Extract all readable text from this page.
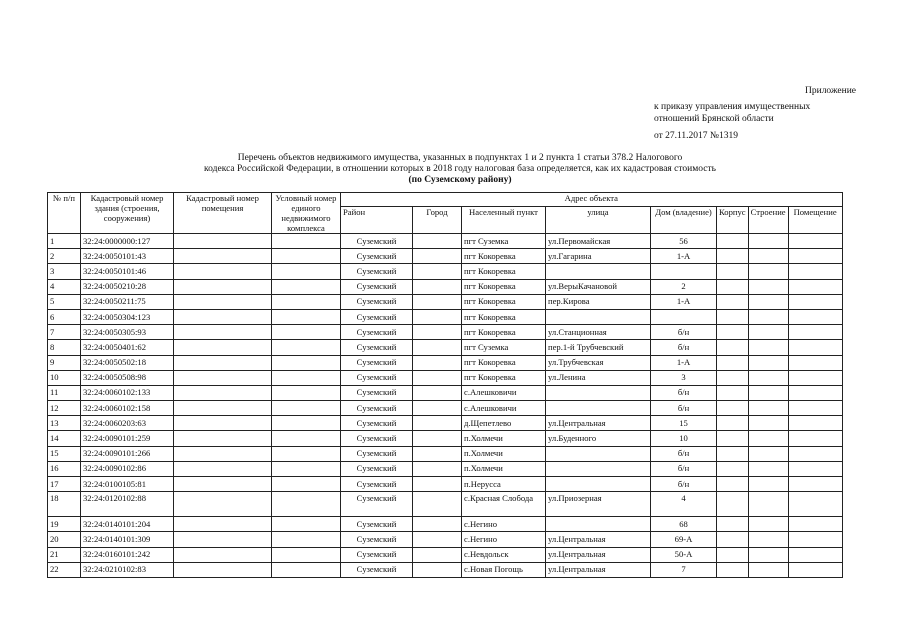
Приложение
к приказу управления имущественных
отношений Брянской области
от 27.11.2017 №1319
Перечень объектов недвижимого имущества, указанных в подпунктах 1 и 2 пункта 1 статьи 378.2 Налогового
кодекса Российской Федерации, в отношении которых в 2018 году налоговая база определяется, как их кадастровая стоимость
(по Суземскому району)
№ п/п	Кадастровый номер здания (строения, сооружения)	Кадастровый номер помещения	Условный номер единого недвижимого комплекса	Адрес объекта							
				Район	Город	Населенный пункт	улица	Дом (владение)	Корпус	Строение	Помещение
1	32:24:0000000:127			Суземский		пгт Суземка	ул.Первомайская	56			
2	32:24:0050101:43			Суземский		пгт Кокоревка	ул.Гагарина	1-А			
3	32:24:0050101:46			Суземский		пгт Кокоревка					
4	32:24:0050210:28			Суземский		пгт Кокоревка	ул.ВерыКачановой	2			
5	32:24:0050211:75			Суземский		пгт Кокоревка	пер.Кирова	1-А			
6	32:24:0050304:123			Суземский		пгт Кокоревка					
7	32:24:0050305:93			Суземский		пгт Кокоревка	ул.Станционная	б/н			
8	32:24:0050401:62			Суземский		пгт Суземка	пер.1-й Трубчевский	б/н			
9	32:24:0050502:18			Суземский		пгт Кокоревка	ул.Трубчевская	1-А			
10	32:24:0050508:98			Суземский		пгт Кокоревка	ул.Ленина	3			
11	32:24:0060102:133			Суземский		с.Алешковичи		б/н			
12	32:24:0060102:158			Суземский		с.Алешковичи		б/н			
13	32:24:0060203:63			Суземский		д.Щепетлево	ул.Центральная	15			
14	32:24:0090101:259			Суземский		п.Холмечи	ул.Буденного	10			
15	32:24:0090101:266			Суземский		п.Холмечи		б/н			
16	32:24:0090102:86			Суземский		п.Холмечи		б/н			
17	32:24:0100105:81			Суземский		п.Нерусса		б/н			
18	32:24:0120102:88			Суземский		с.Красная Слобода	ул.Приозерная	4			
19	32:24:0140101:204			Суземский		с.Негино		68			
20	32:24:0140101:309			Суземский		с.Негино	ул.Центральная	69-А			
21	32:24:0160101:242			Суземский		с.Невдольск	ул.Центральная	50-А			
22	32:24:0210102:83			Суземский		с.Новая Погощь	ул.Центральная	7			
